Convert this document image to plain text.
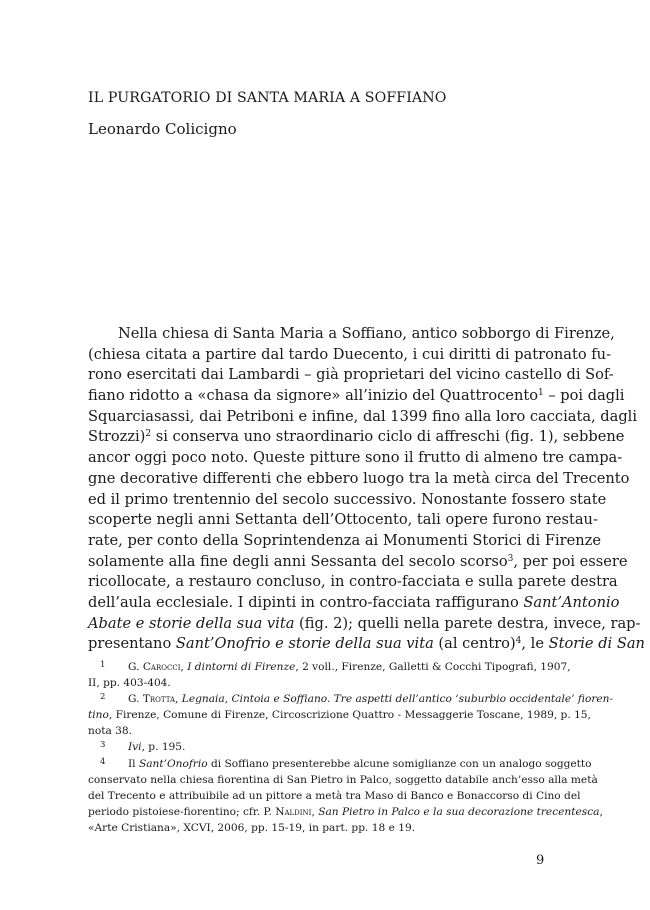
IL PURGATORIO DI SANTA MARIA A SOFFIANO
Leonardo Colicigno
Nella chiesa di Santa Maria a Soffiano, antico sobborgo di Firenze,
(chiesa citata a partire dal tardo Duecento, i cui diritti di patronato fu-
rono esercitati dai Lambardi – già proprietari del vicino castello di Sof-
fiano ridotto a «chasa da signore» all’inizio del Quattrocento$^1$ – poi dagli
Squarciasassi, dai Petriboni e infine, dal 1399 fino alla loro cacciata, dagli
Strozzi)$^2$ si conserva uno straordinario ciclo di affreschi (fig. 1), sebbene
ancor oggi poco noto. Queste pitture sono il frutto di almeno tre campa-
gne decorative differenti che ebbero luogo tra la metà circa del Trecento
ed il primo trentennio del secolo successivo. Nonostante fossero state
scoperte negli anni Settanta dell’Ottocento, tali opere furono restau-
rate, per conto della Soprintendenza ai Monumenti Storici di Firenze
solamente alla fine degli anni Sessanta del secolo scorso$^3$, per poi essere
ricollocate, a restauro concluso, in contro-facciata e sulla parete destra
dell’aula ecclesiale. I dipinti in contro-facciata raffigurano Sant’Antonio
Abate e storie della sua vita (fig. 2); quelli nella parete destra, invece, rap-
presentano Sant’Onofrio e storie della sua vita (al centro)$^4$, le Storie di San
1 G. Carocci, I dintorni di Firenze, 2 voll., Firenze, Galletti & Cocchi Tipografi, 1907,
II, pp. 403-404.
2 G. Trotta, Legnaia, Cintoia e Soffiano. Tre aspetti dell’antico ‘suburbio occidentale’ fioren-
tino, Firenze, Comune di Firenze, Circoscrizione Quattro - Messaggerie Toscane, 1989, p. 15,
nota 38.
3 Ivi, p. 195.
4 Il Sant’Onofrio di Soffiano presenterebbe alcune somiglianze con un analogo soggetto
conservato nella chiesa fiorentina di San Pietro in Palco, soggetto databile anch’esso alla metà
del Trecento e attribuibile ad un pittore a metà tra Maso di Banco e Bonaccorso di Cino del
periodo pistoiese-fiorentino; cfr. P. Naldini, San Pietro in Palco e la sua decorazione trecentesca,
«Arte Cristiana», XCVI, 2006, pp. 15-19, in part. pp. 18 e 19.
9
